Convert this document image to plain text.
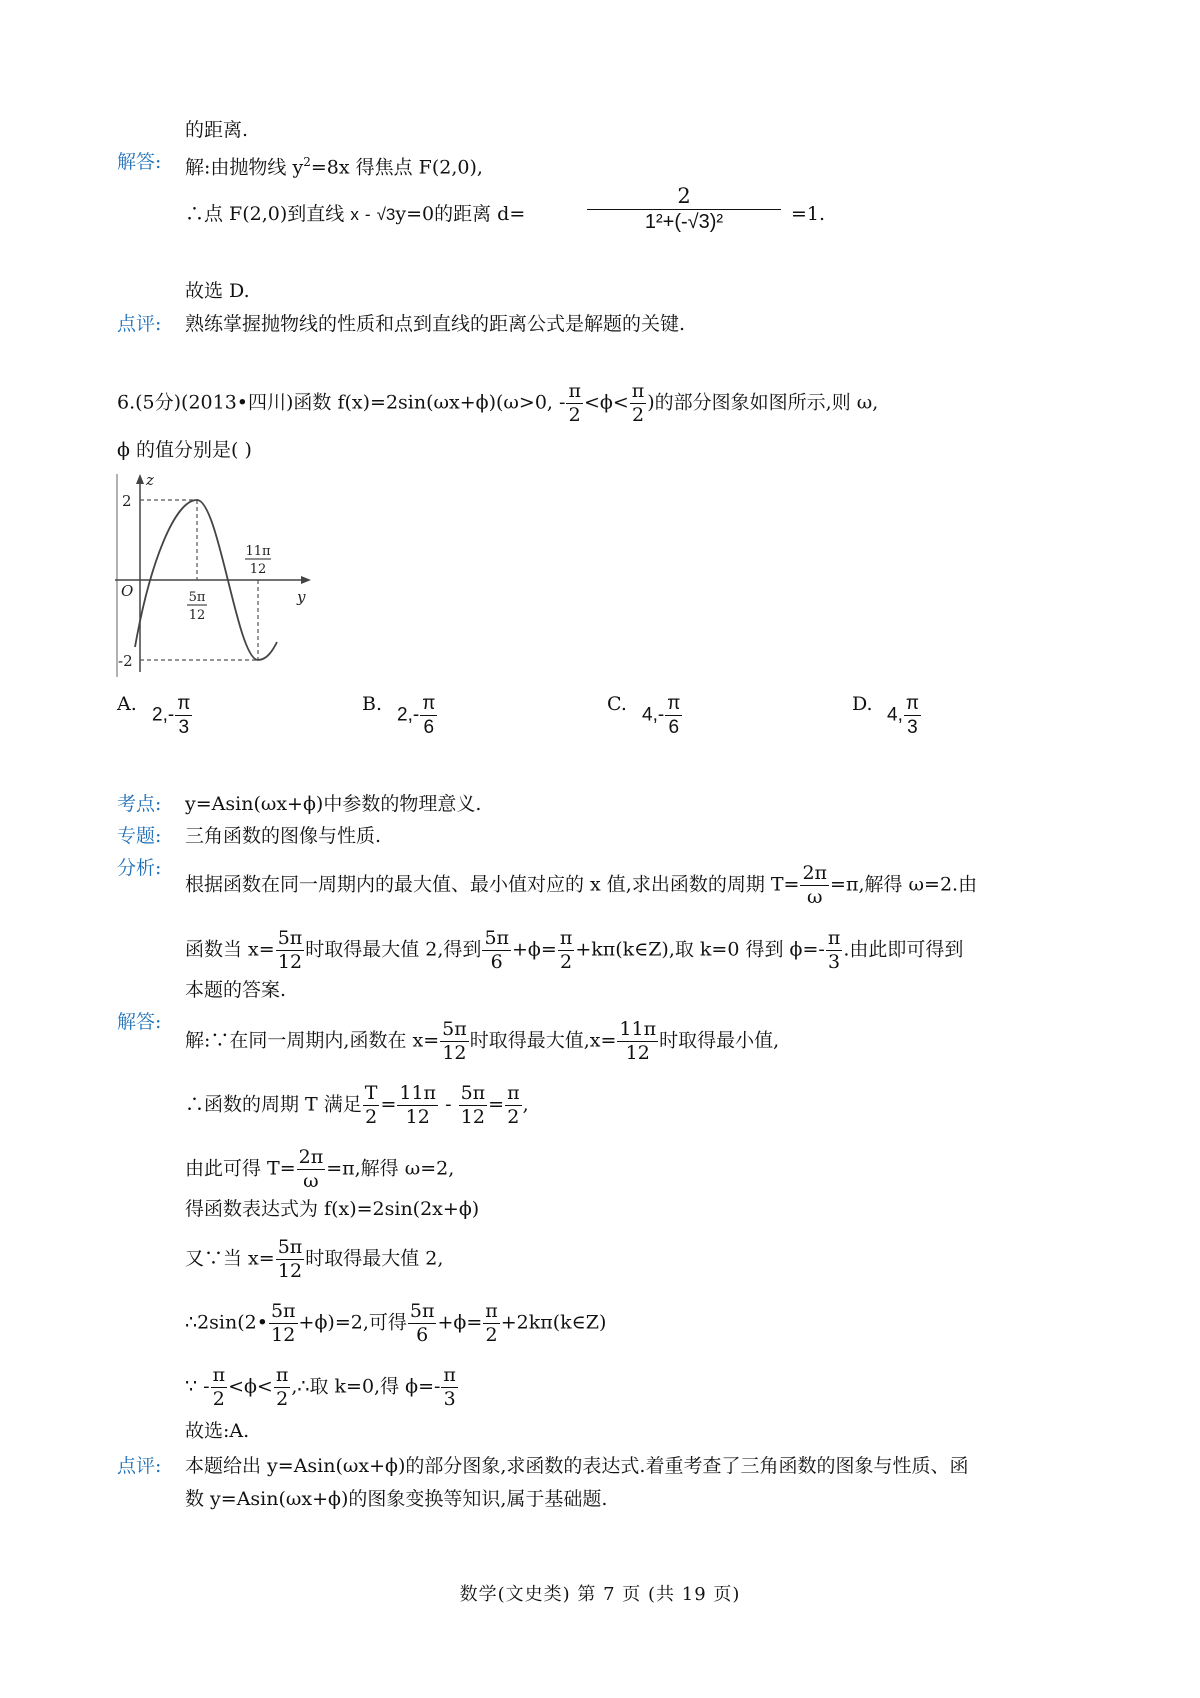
的距离.
解答: 解:由抛物线 $y^2=8x$ 得焦点 F(2,0),
∴点 F(2,0)到直线 x - √3y=0的距离 d=	$\frac{2}{\text{1²+(-√3)²}} =1$.
故选 D.
点评: 熟练掌握抛物线的性质和点到直线的距离公式是解题的关键.
6.(5分)(2013•四川)函数 f(x)=2sin(ωx+ϕ)(ω>0, - $\frac{\pi}{2} <\phi< \frac{\pi}{2}$ )的部分图象如图所示,则 ω,
ϕ 的值分别是( )
z
2
-2
O	y
5π
12
11π
12
A.
$2,- \frac{\pi}{3}$	B.
$2,- \frac{\pi}{6}$	C.
$4,- \frac{\pi}{6}$	D.
4, $\frac{\pi}{3}$
考点: y=Asin(ωx+ϕ)中参数的物理意义.
专题: 三角函数的图像与性质.
分析:
根据函数在同一周期内的最大值、最小值对应的 x 值,求出函数的周期 $T= \frac{2\pi}{\omega} =\pi$,解得 ω=2.由
函数当 $x= \frac{5\pi}{12}$ 时取得最大值 2,得到 $\frac{5\pi}{6} +\phi= \frac{\pi}{2}$ +kπ(k∈Z),取 k=0 得到 $\phi=- \frac{\pi}{3}$ .由此即可得到
本题的答案.
解答:
解:∵在同一周期内,函数在 $x= \frac{5\pi}{12}$ 时取得最大值$,x= \frac{11\pi}{12}$ 时取得最小值,
∴函数的周期 T 满足 $\frac{T}{2} = \frac{11\pi}{12} - \frac{5\pi}{12} = \frac{\pi}{2}$ ,
由此可得 $T= \frac{2\pi}{\omega} =\pi$,解得 ω=2,
得函数表达式为 f(x)=2sin(2x+ϕ)
又∵当 $x= \frac{5\pi}{12}$ 时取得最大值 2,
∴2sin(2• $\frac{5\pi}{12} +\phi)=2$,可得 $\frac{5\pi}{6} +\phi= \frac{\pi}{2}$ +2kπ(k∈Z)
∵ - $\frac{\pi}{2} <\phi< \frac{\pi}{2}$ ,∴取 k=0,得 $\phi=- \frac{\pi}{3}$
故选:A.
点评: 本题给出 y=Asin(ωx+ϕ)的部分图象,求函数的表达式.着重考查了三角函数的图象与性质、函
数 y=Asin(ωx+ϕ)的图象变换等知识,属于基础题.
数学(文史类) 第 7 页 (共 19 页)
